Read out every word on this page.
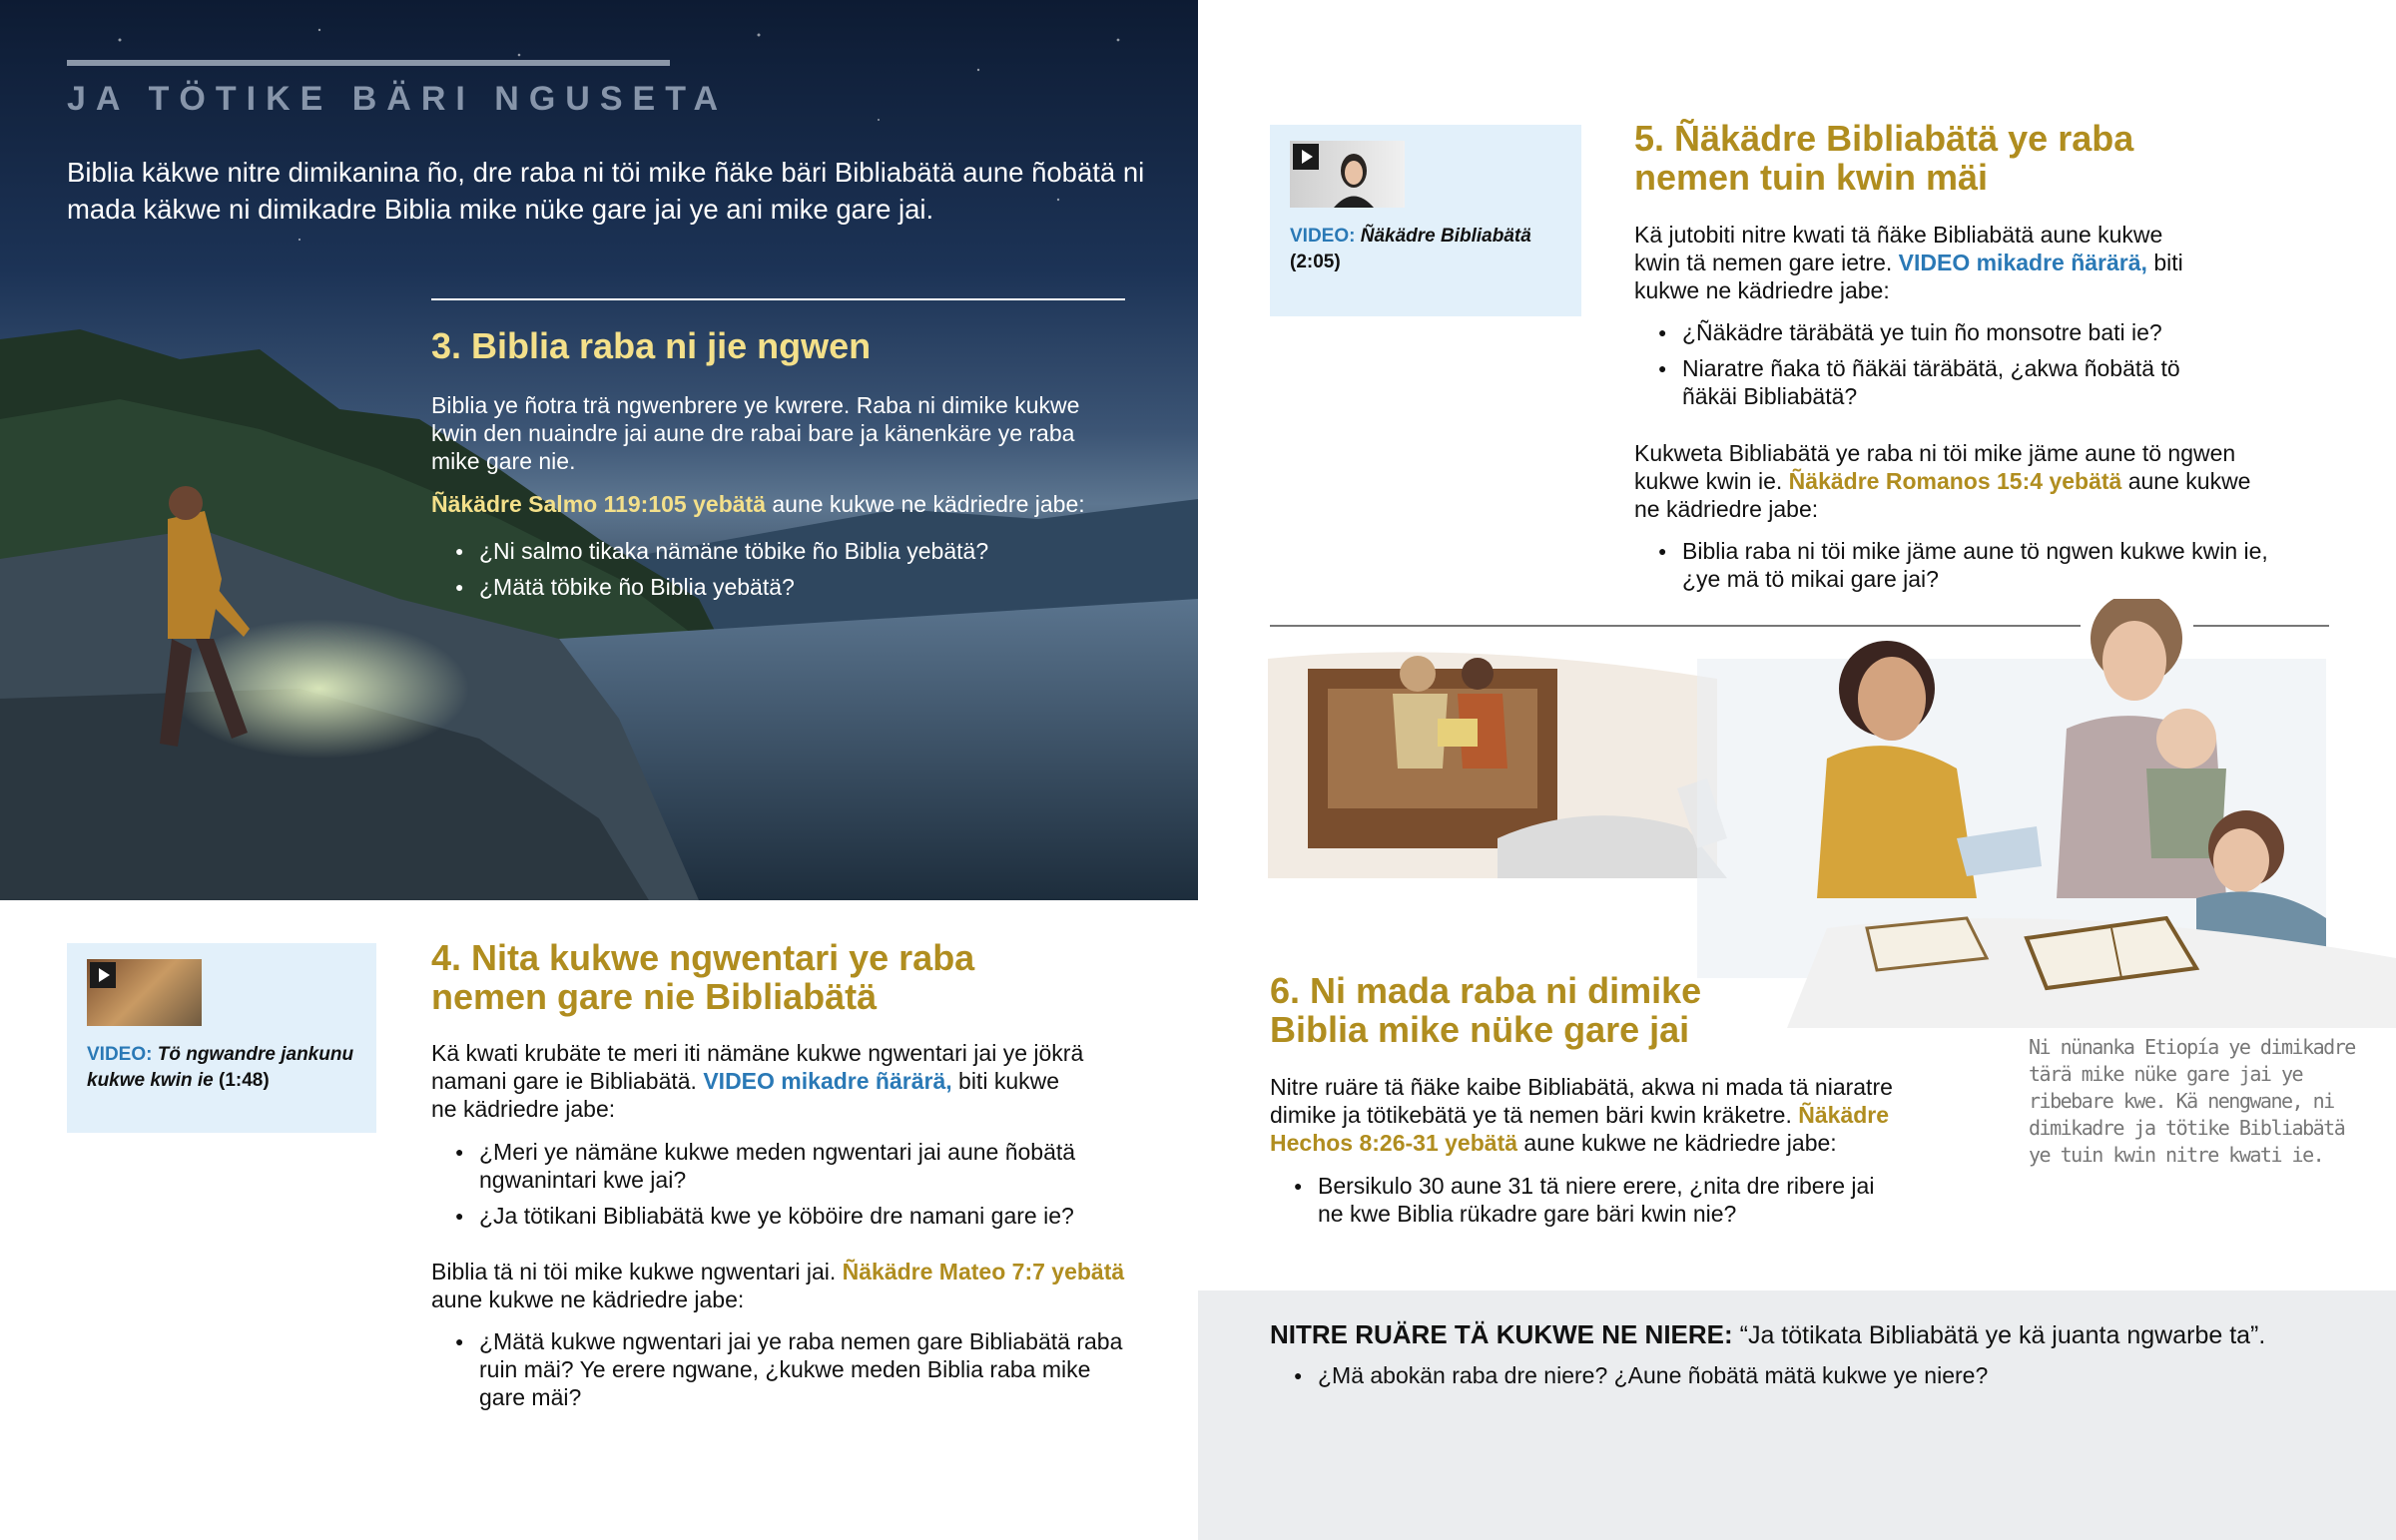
JA TÖTIKE BÄRI NGUSETA

Biblia käkwe nitre dimikanina ño, dre raba ni töi mike ñäke bäri Bibliabätä aune ñobätä ni mada käkwe ni dimikadre Biblia mike nüke gare jai ye ani mike gare jai.

3. Biblia raba ni jie ngwen

Biblia ye ñotra trä ngwenbrere ye kwrere. Raba ni dimike kukwe kwin den nuaindre jai aune dre rabai bare ja känenkäre ye raba mike gare nie.

Ñäkädre Salmo 119:105 yebätä aune kukwe ne kädriedre jabe:

● ¿Ni salmo tikaka nämäne töbike ño Biblia yebätä?
● ¿Mätä töbike ño Biblia yebätä?
VIDEO: Tö ngwandre jankunu kukwe kwin ie (1:48)
4. Nita kukwe ngwentari ye raba
nemen gare nie Bibliabätä

Kä kwati krubäte te meri iti nämäne kukwe ngwentari jai ye jökrä namani gare ie Bibliabätä. VIDEO mikadre ñärärä, biti kukwe ne kädriedre jabe:

● ¿Meri ye nämäne kukwe meden ngwentari jai aune ñobätä ngwanintari kwe jai?
● ¿Ja tötikani Bibliabätä kwe ye köböire dre namani gare ie?

Biblia tä ni töi mike kukwe ngwentari jai. Ñäkädre Mateo 7:7 yebätä aune kukwe ne kädriedre jabe:

● ¿Mätä kukwe ngwentari jai ye raba nemen gare Bibliabätä raba ruin mäi? Ye erere ngwane, ¿kukwe meden Biblia raba mike gare mäi?
VIDEO: Ñäkädre Bibliabätä
(2:05)
5. Ñäkädre Bibliabätä ye raba
nemen tuin kwin mäi

Kä jutobiti nitre kwati tä ñäke Bibliabätä aune kukwe kwin tä nemen gare ietre. VIDEO mikadre ñärärä, biti kukwe ne kädriedre jabe:

● ¿Ñäkädre täräbätä ye tuin ño monsotre bati ie?
● Niaratre ñaka tö ñäkäi täräbätä, ¿akwa ñobätä tö ñäkäi Bibliabätä?

Kukweta Bibliabätä ye raba ni töi mike jäme aune tö ngwen kukwe kwin ie. Ñäkädre Romanos 15:4 yebätä aune kukwe ne kädriedre jabe:

● Biblia raba ni töi mike jäme aune tö ngwen kukwe kwin ie, ¿ye mä tö mikai gare jai?

Ni nünanka Etiopía ye dimikadre tärä mike nüke gare jai ye ribebare kwe. Kä nengwane, ni dimikadre ja tötike Bibliabätä ye tuin kwin nitre kwati ie.

6. Ni mada raba ni dimike
Biblia mike nüke gare jai

Nitre ruäre tä ñäke kaibe Bibliabätä, akwa ni mada tä niaratre dimike ja tötikebätä ye tä nemen bäri kwin kräketre. Ñäkädre Hechos 8:26-31 yebätä aune kukwe ne kädriedre jabe:

● Bersikulo 30 aune 31 tä niere erere, ¿nita dre ribere jai ne kwe Biblia rükadre gare bäri kwin nie?

NITRE RUÄRE TÄ KUKWE NE NIERE: “Ja tötikata Bibliabätä ye kä juanta ngwarbe ta”.

● ¿Mä abokän raba dre niere? ¿Aune ñobätä mätä kukwe ye niere?
